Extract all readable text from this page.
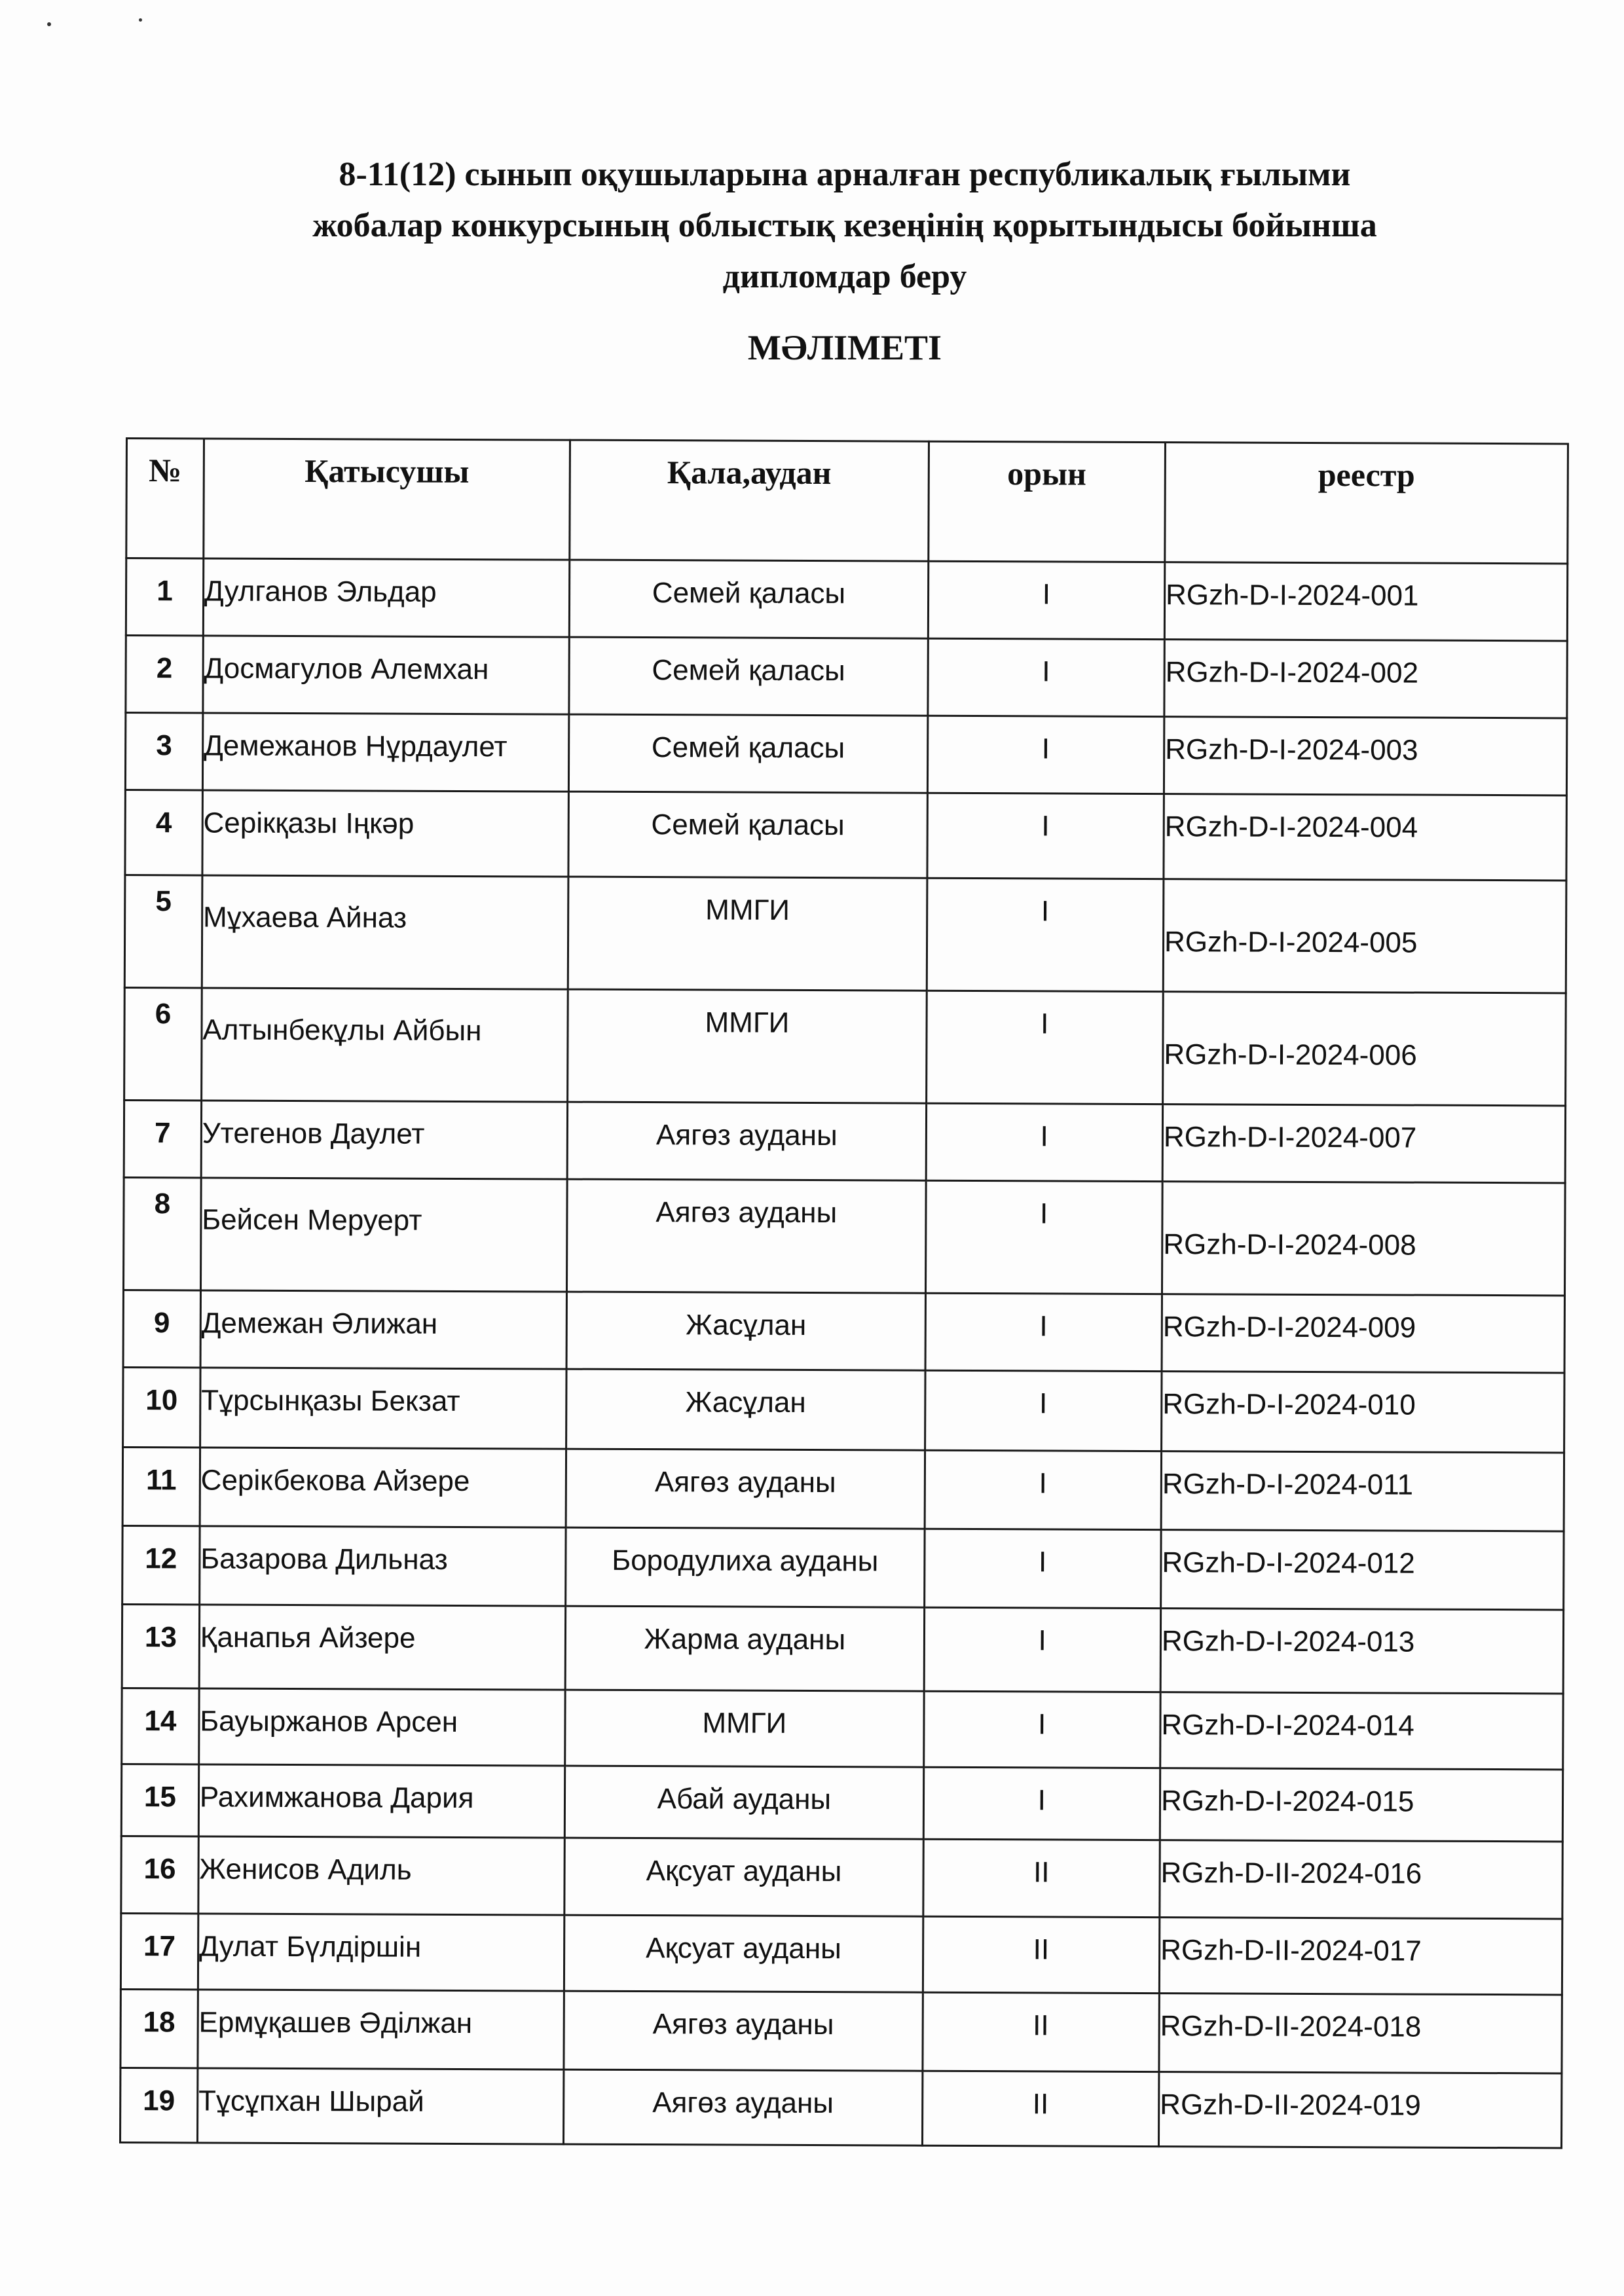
8-11(12) сынып оқушыларына арналған республикалық ғылыми
жобалар конкурсының облыстық кезеңінің қорытындысы бойынша
дипломдар беру
МӘЛІМЕТІ
№	Қатысушы	Қала,аудан	орын	реестр
1	Дулганов Эльдар	Семей қаласы	I	RGzh-D-I-2024-001
2	Досмагулов Алемхан	Семей қаласы	I	RGzh-D-I-2024-002
3	Демежанов Нұрдаулет	Семей қаласы	I	RGzh-D-I-2024-003
4	Серікқазы Іңкәр	Семей қаласы	I	RGzh-D-I-2024-004
5	Мұхаева Айназ	ММГИ	I	RGzh-D-I-2024-005
6	Алтынбекұлы Айбын	ММГИ	I	RGzh-D-I-2024-006
7	Утегенов Даулет	Аягөз ауданы	I	RGzh-D-I-2024-007
8	Бейсен Меруерт	Аягөз ауданы	I	RGzh-D-I-2024-008
9	Демежан Әлижан	Жасұлан	I	RGzh-D-I-2024-009
10	Тұрсынқазы Бекзат	Жасұлан	I	RGzh-D-I-2024-010
11	Серікбекова Айзере	Аягөз ауданы	I	RGzh-D-I-2024-011
12	Базарова Дильназ	Бородулиха ауданы	I	RGzh-D-I-2024-012
13	Қанапья Айзере	Жарма ауданы	I	RGzh-D-I-2024-013
14	Бауыржанов Арсен	ММГИ	I	RGzh-D-I-2024-014
15	Рахимжанова Дария	Абай ауданы	I	RGzh-D-I-2024-015
16	Женисов Адиль	Ақсуат ауданы	II	RGzh-D-II-2024-016
17	Дулат Бүлдіршін	Ақсуат ауданы	II	RGzh-D-II-2024-017
18	Ермұқашев Әділжан	Аягөз ауданы	II	RGzh-D-II-2024-018
19	Тұсұпхан Шырай	Аягөз ауданы	II	RGzh-D-II-2024-019
